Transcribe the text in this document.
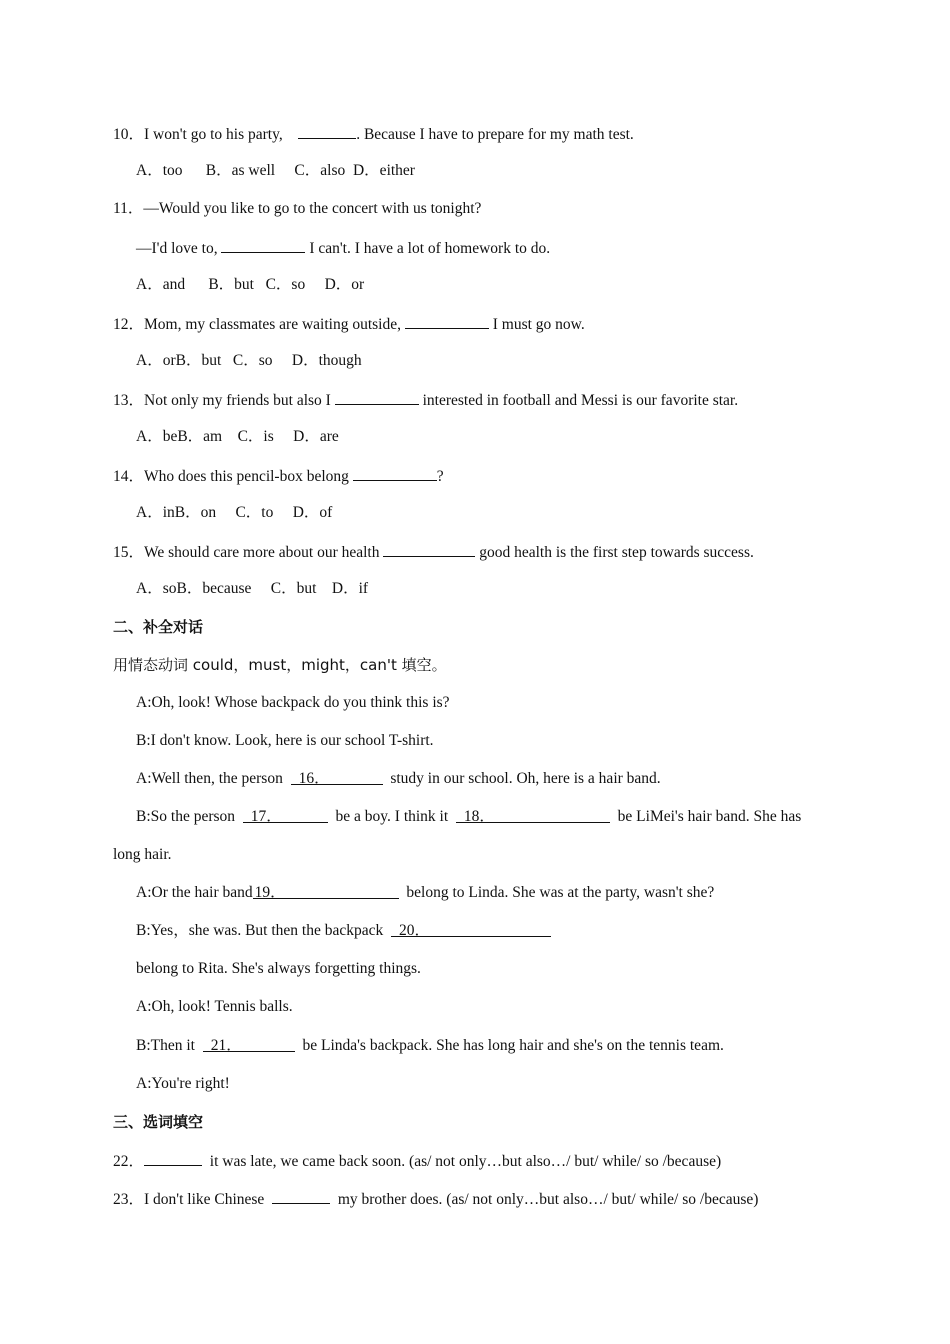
10．I won't go to his party,	. Because I have to prepare for my math test.
A．too      B．as well     C．also  D．either
11．—Would you like to go to the concert with us tonight?
—I'd love to,	I can't. I have a lot of homework to do.
A．and      B．but   C．so     D．or
12．Mom, my classmates are waiting outside,	I must go now.
A．orB．but   C．so     D．though
13．Not only my friends but also I	interested in football and Messi is our favorite star.
A．beB．am    C．is     D．are
14．Who does this pencil-box belong	?
A．inB．on     C．to     D．of
15．We should care more about our health	good health is the first step towards success.
A．soB．because     C．but    D．if
二、补全对话
用情态动词 could，must，might，can't 填空。
A:Oh, look! Whose backpack do you think this is?
B:I don't know. Look, here is our school T-shirt.
A:Well then, the person 16．	study in our school. Oh, here is a hair band.
B:So the person 17．	be a boy. I think it 18．	be LiMei's hair band. She has
long hair.
A:Or the hair band 19．	belong to Linda. She was at the party, wasn't she?
B:Yes，she was. But then the backpack 20．
belong to Rita. She's always forgetting things.
A:Oh, look! Tennis balls.
B:Then it 21．	be Linda's backpack. She has long hair and she's on the tennis team.
A:You're right!
三、选词填空
22．	it was late, we came back soon. (as/ not only…but also…/ but/ while/ so /because)
23．I don't like Chinese	my brother does. (as/ not only…but also…/ but/ while/ so /because)
